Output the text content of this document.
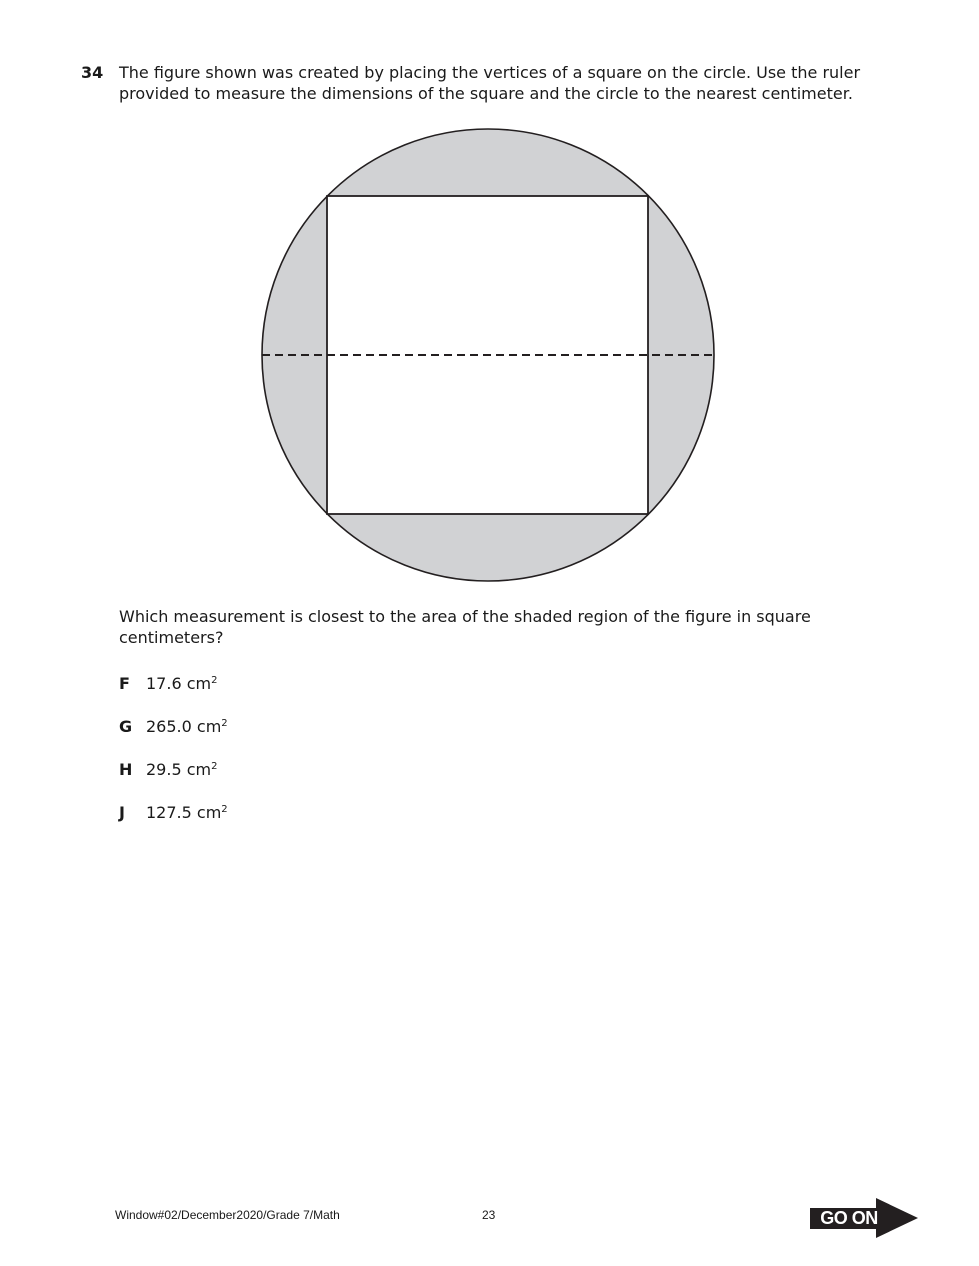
34 The figure shown was created by placing the vertices of a square on the circle. Use the ruler provided to measure the dimensions of the square and the circle to the nearest centimeter.
Which measurement is closest to the area of the shaded region of the figure in square centimeters?
F 17.6 $cm^2$
G 265.0 $cm^2$
H 29.5 $cm^2$
J 127.5 $cm^2$
Window#02/December2020/Grade 7/Math	23	GO ON
